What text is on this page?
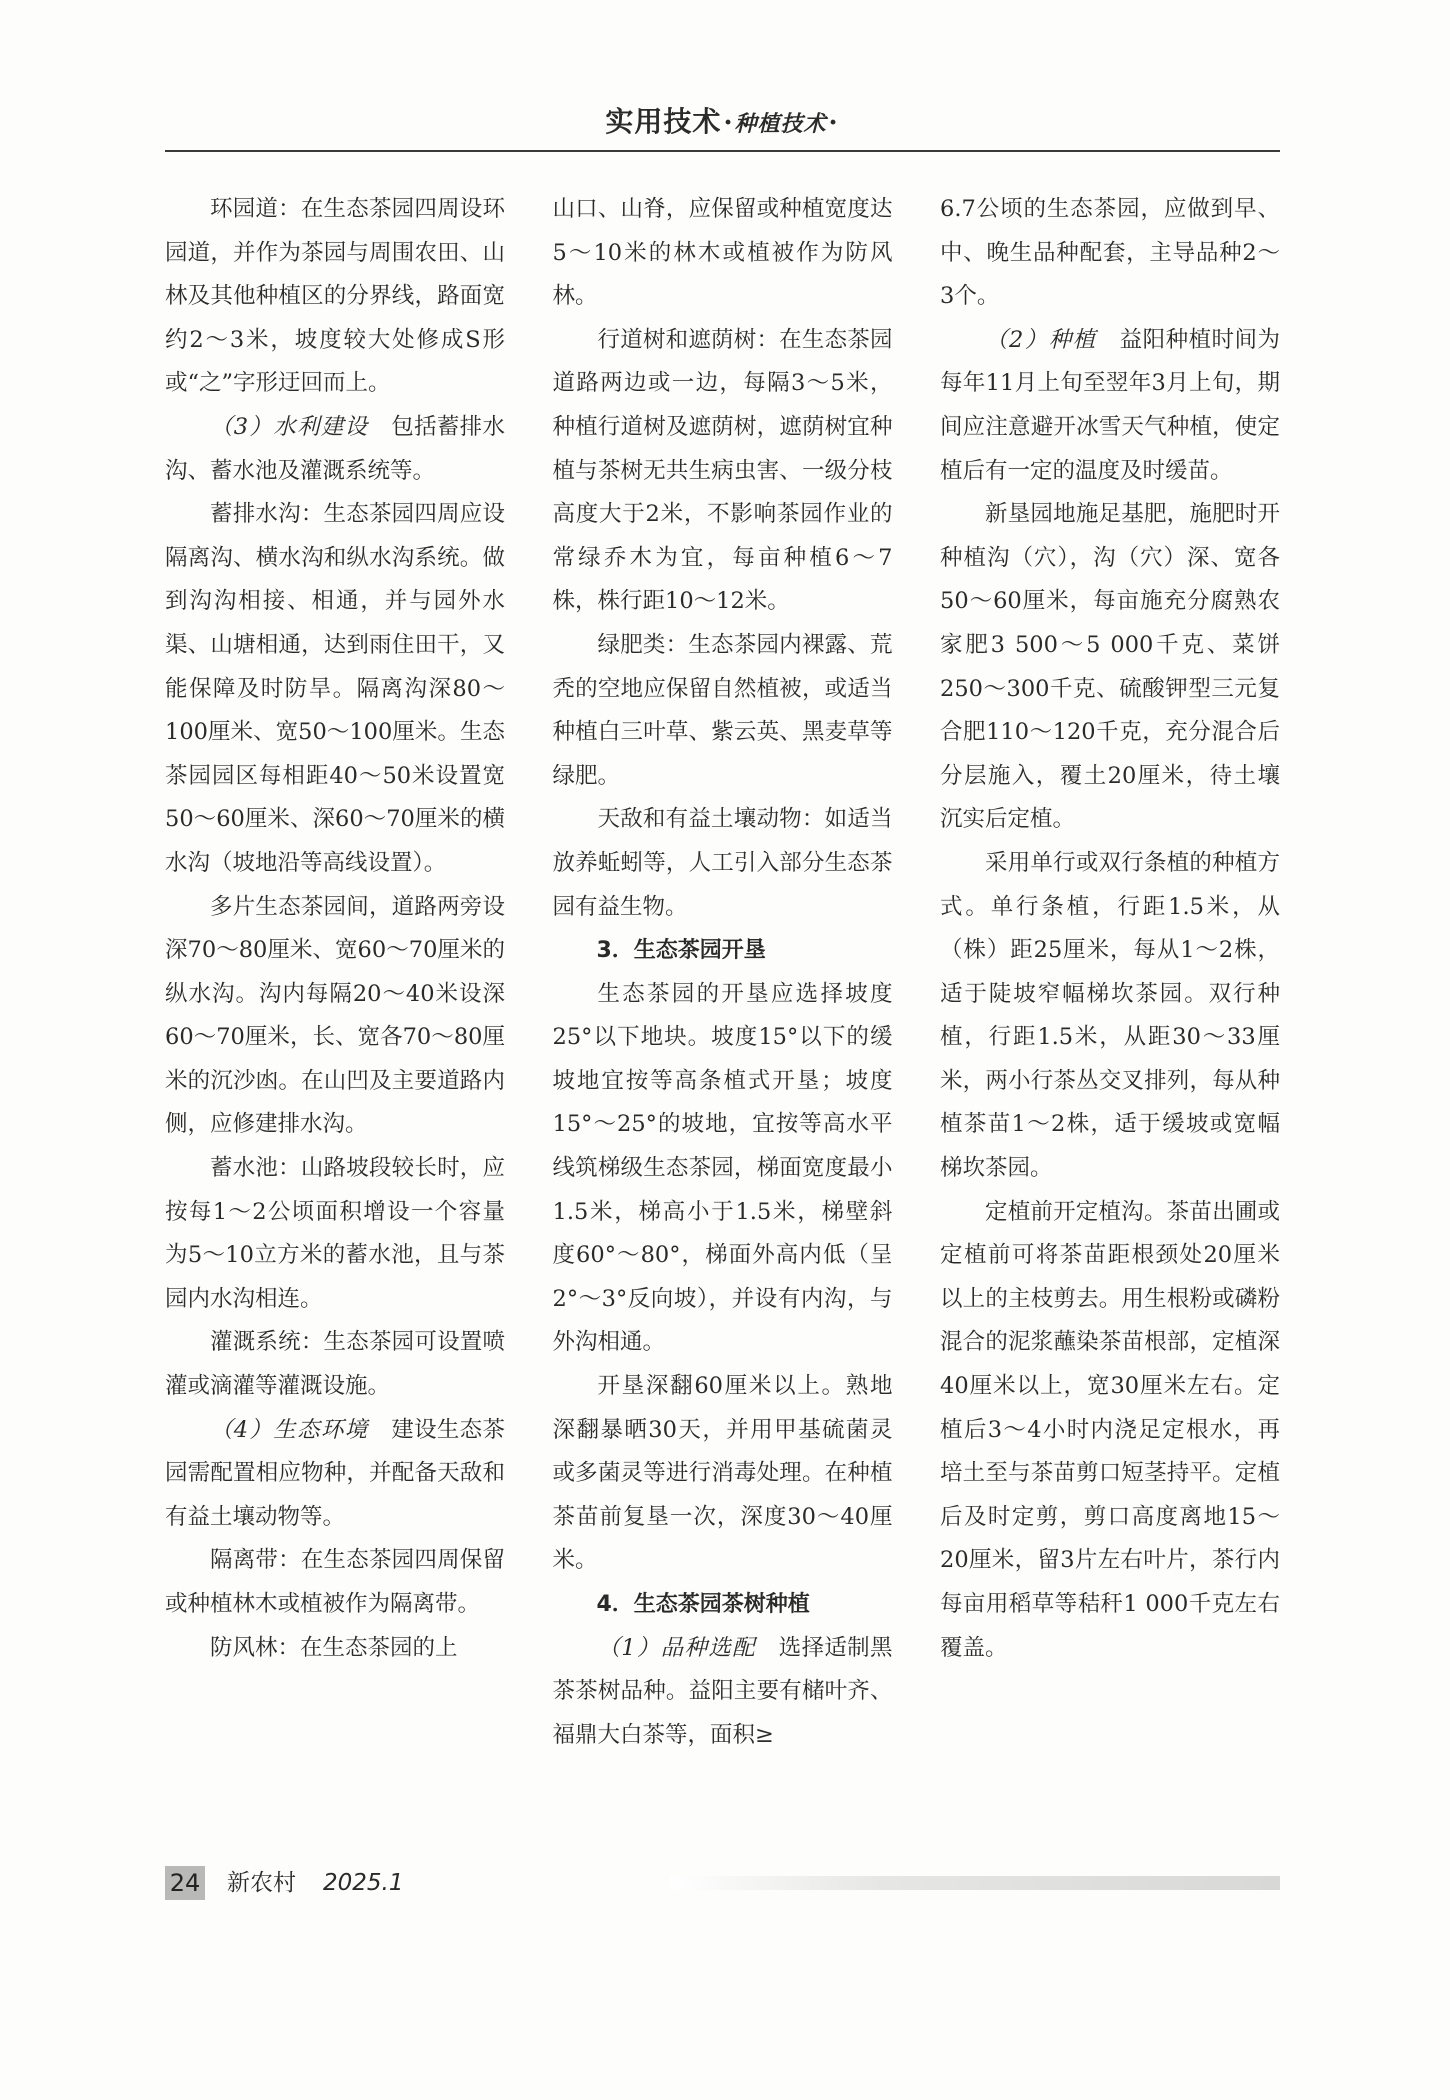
实用技术·种植技术·

环园道：在生态茶园四周设环园道，并作为茶园与周围农田、山林及其他种植区的分界线，路面宽约2～3米，坡度较大处修成S形或“之”字形迂回而上。

（3）水利建设　包括蓄排水沟、蓄水池及灌溉系统等。

蓄排水沟：生态茶园四周应设隔离沟、横水沟和纵水沟系统。做到沟沟相接、相通，并与园外水渠、山塘相通，达到雨住田干，又能保障及时防旱。隔离沟深80～100厘米、宽50～100厘米。生态茶园园区每相距40～50米设置宽50～60厘米、深60～70厘米的横水沟（坡地沿等高线设置）。

多片生态茶园间，道路两旁设深70～80厘米、宽60～70厘米的纵水沟。沟内每隔20～40米设深60～70厘米，长、宽各70～80厘米的沉沙凼。在山凹及主要道路内侧，应修建排水沟。

蓄水池：山路坡段较长时，应按每1～2公顷面积增设一个容量为5～10立方米的蓄水池，且与茶园内水沟相连。

灌溉系统：生态茶园可设置喷灌或滴灌等灌溉设施。

（4）生态环境　建设生态茶园需配置相应物种，并配备天敌和有益土壤动物等。

隔离带：在生态茶园四周保留或种植林木或植被作为隔离带。

防风林：在生态茶园的上

山口、山脊，应保留或种植宽度达5～10米的林木或植被作为防风林。

行道树和遮荫树：在生态茶园道路两边或一边，每隔3～5米，种植行道树及遮荫树，遮荫树宜种植与茶树无共生病虫害、一级分枝高度大于2米，不影响茶园作业的常绿乔木为宜，每亩种植6～7株，株行距10～12米。

绿肥类：生态茶园内裸露、荒秃的空地应保留自然植被，或适当种植白三叶草、紫云英、黑麦草等绿肥。

天敌和有益土壤动物：如适当放养蚯蚓等，人工引入部分生态茶园有益生物。

3．生态茶园开垦

生态茶园的开垦应选择坡度25°以下地块。坡度15°以下的缓坡地宜按等高条植式开垦；坡度15°～25°的坡地，宜按等高水平线筑梯级生态茶园，梯面宽度最小1.5米，梯高小于1.5米，梯壁斜度60°～80°，梯面外高内低（呈2°～3°反向坡），并设有内沟，与外沟相通。

开垦深翻60厘米以上。熟地深翻暴晒30天，并用甲基硫菌灵或多菌灵等进行消毒处理。在种植茶苗前复垦一次，深度30～40厘米。

4．生态茶园茶树种植

（1）品种选配　选择适制黑茶茶树品种。益阳主要有槠叶齐、福鼎大白茶等，面积≥

6.7公顷的生态茶园，应做到早、中、晚生品种配套，主导品种2～3个。

（2）种植　益阳种植时间为每年11月上旬至翌年3月上旬，期间应注意避开冰雪天气种植，使定植后有一定的温度及时缓苗。

新垦园地施足基肥，施肥时开种植沟（穴），沟（穴）深、宽各50～60厘米，每亩施充分腐熟农家肥3 500～5 000千克、菜饼250～300千克、硫酸钾型三元复合肥110～120千克，充分混合后分层施入，覆土20厘米，待土壤沉实后定植。

采用单行或双行条植的种植方式。单行条植，行距1.5米，从（株）距25厘米，每从1～2株，适于陡坡窄幅梯坎茶园。双行种植，行距1.5米，从距30～33厘米，两小行茶丛交叉排列，每从种植茶苗1～2株，适于缓坡或宽幅梯坎茶园。

定植前开定植沟。茶苗出圃或定植前可将茶苗距根颈处20厘米以上的主枝剪去。用生根粉或磷粉混合的泥浆蘸染茶苗根部，定植深40厘米以上，宽30厘米左右。定植后3～4小时内浇足定根水，再培土至与茶苗剪口短茎持平。定植后及时定剪，剪口高度离地15～20厘米，留3片左右叶片，茶行内每亩用稻草等秸秆1 000千克左右覆盖。

24 新农村 2025.1
